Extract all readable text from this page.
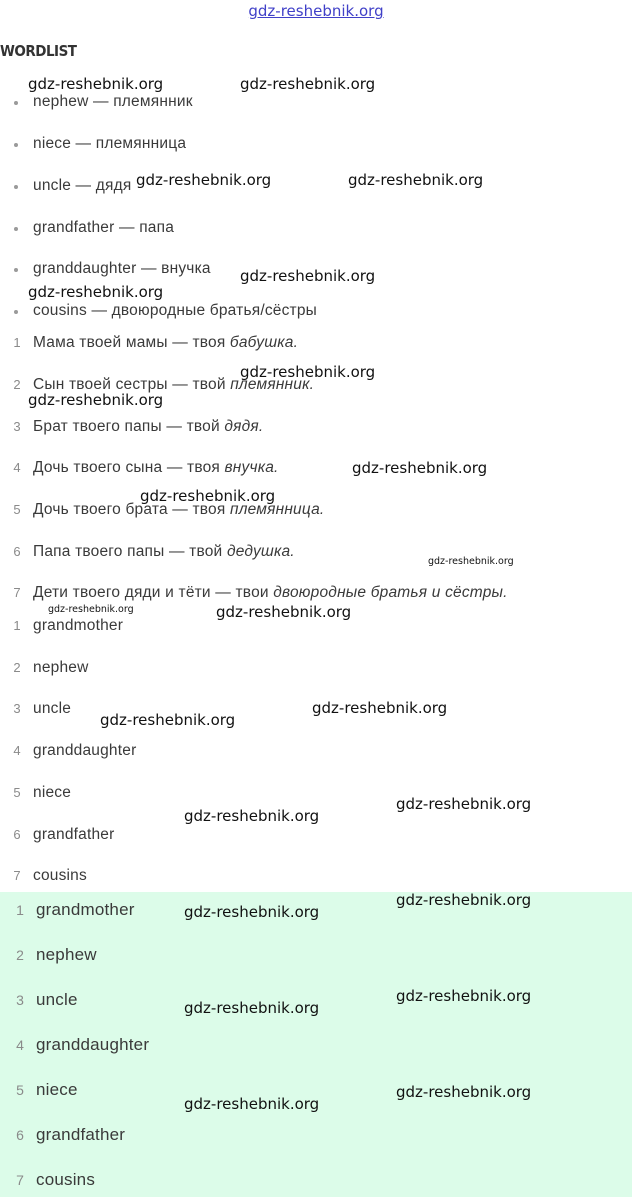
gdz-reshebnik.org
WORDLIST
nephew — племянник
niece — племянница
uncle — дядя
grandfather — папа
granddaughter — внучка
cousins — двоюродные братья/сёстры
1 Мама твоей мамы — твоя бабушка.
2 Сын твоей сестры — твой племянник.
3 Брат твоего папы — твой дядя.
4 Дочь твоего сына — твоя внучка.
5 Дочь твоего брата — твоя племянница.
6 Папа твоего папы — твой дедушка.
7 Дети твоего дяди и тёти — твои двоюродные братья и сёстры.
1 grandmother
2 nephew
3 uncle
4 granddaughter
5 niece
6 grandfather
7 cousins
1 grandmother
2 nephew
3 uncle
4 granddaughter
5 niece
6 grandfather
7 cousins
gdz-reshebnik.org	gdz-reshebnik.org
gdz-reshebnik.org	gdz-reshebnik.org
gdz-reshebnik.org
gdz-reshebnik.org
gdz-reshebnik.org
gdz-reshebnik.org
gdz-reshebnik.org
gdz-reshebnik.org
gdz-reshebnik.org
gdz-reshebnik.org	gdz-reshebnik.org
gdz-reshebnik.org
gdz-reshebnik.org
gdz-reshebnik.org
gdz-reshebnik.org
gdz-reshebnik.org
gdz-reshebnik.org
gdz-reshebnik.org
gdz-reshebnik.org
gdz-reshebnik.org
gdz-reshebnik.org
